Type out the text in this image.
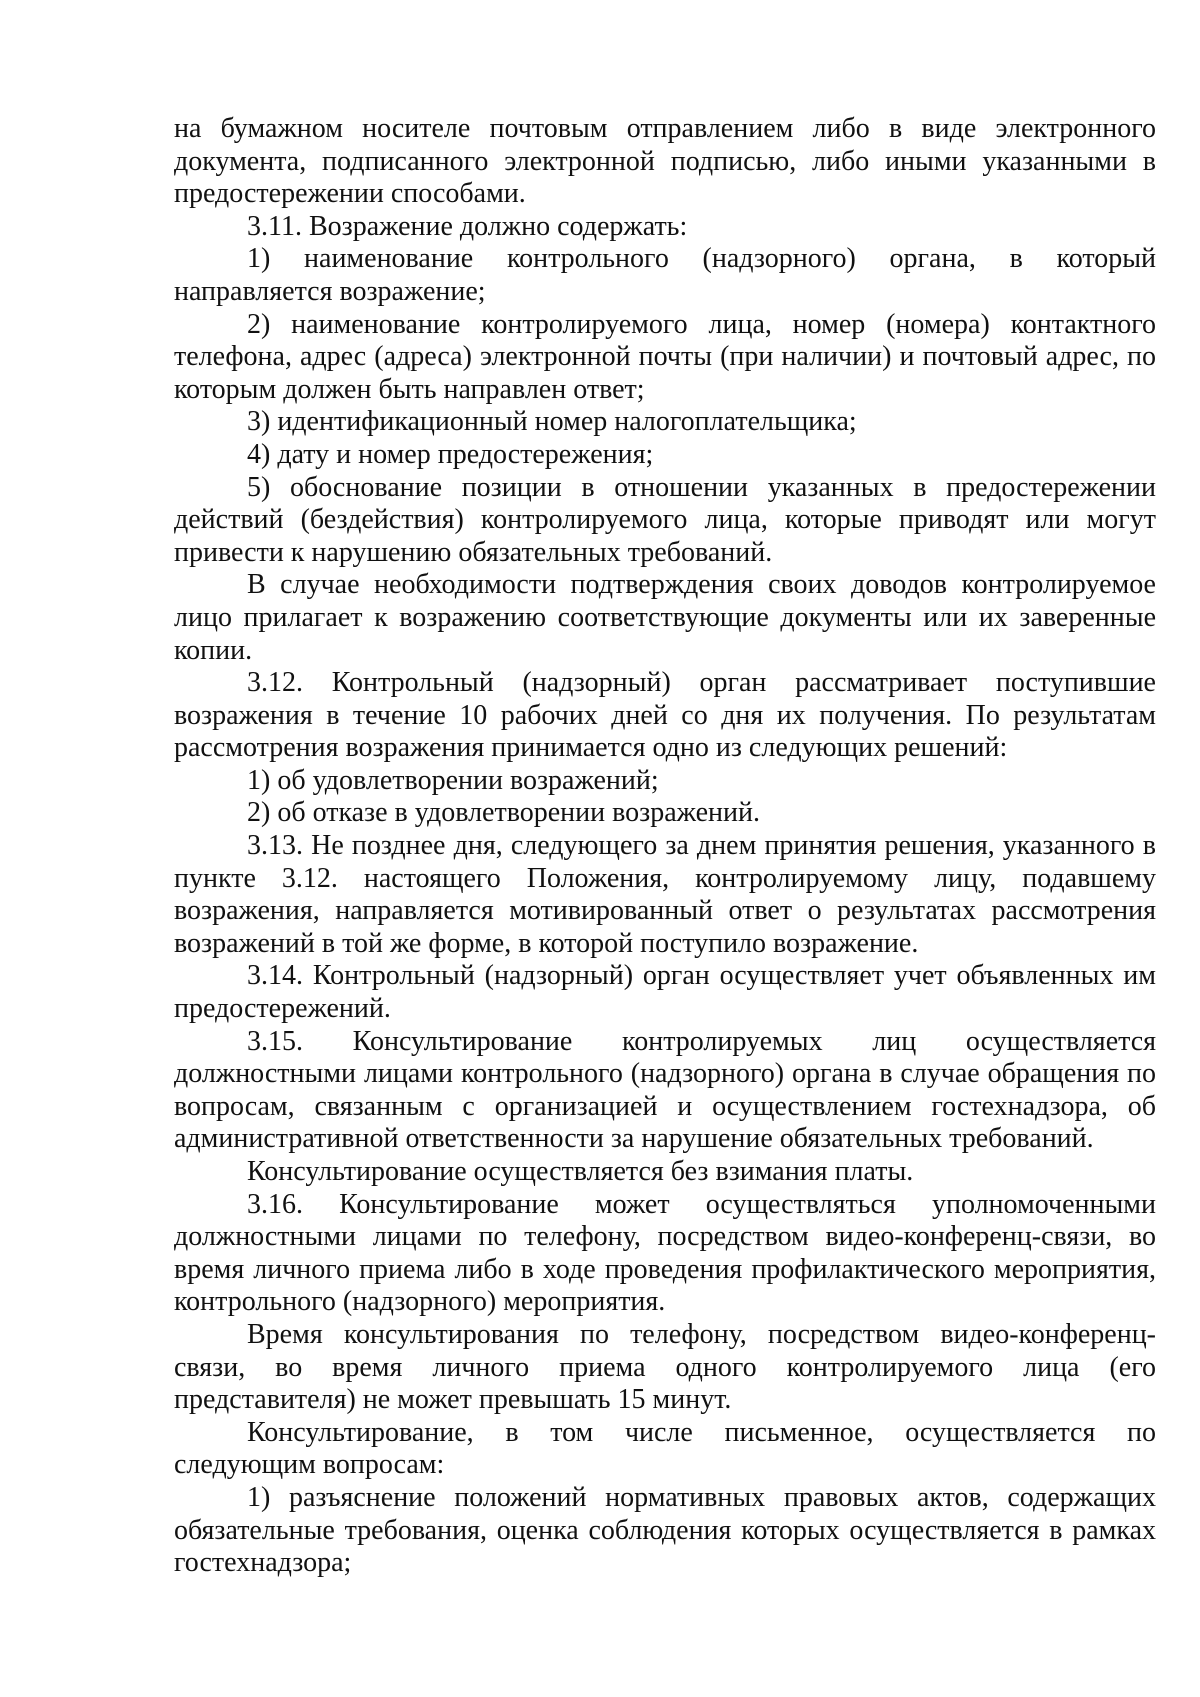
на бумажном носителе почтовым отправлением либо в виде электронного документа, подписанного электронной подписью, либо иными указанными в предостережении способами.

3.11. Возражение должно содержать:

1) наименование контрольного (надзорного) органа, в который направляется возражение;

2) наименование контролируемого лица, номер (номера) контактного телефона, адрес (адреса) электронной почты (при наличии) и почтовый адрес, по которым должен быть направлен ответ;

3) идентификационный номер налогоплательщика;

4) дату и номер предостережения;

5) обоснование позиции в отношении указанных в предостережении действий (бездействия) контролируемого лица, которые приводят или могут привести к нарушению обязательных требований.

В случае необходимости подтверждения своих доводов контролируемое лицо прилагает к возражению соответствующие документы или их заверенные копии.

3.12. Контрольный (надзорный) орган рассматривает поступившие возражения в течение 10 рабочих дней со дня их получения. По результатам рассмотрения возражения принимается одно из следующих решений:

1) об удовлетворении возражений;

2) об отказе в удовлетворении возражений.

3.13. Не позднее дня, следующего за днем принятия решения, указанного в пункте 3.12. настоящего Положения, контролируемому лицу, подавшему возражения, направляется мотивированный ответ о результатах рассмотрения возражений в той же форме, в которой поступило возражение.

3.14. Контрольный (надзорный) орган осуществляет учет объявленных им предостережений.

3.15. Консультирование контролируемых лиц осуществляется должностными лицами контрольного (надзорного) органа в случае обращения по вопросам, связанным с организацией и осуществлением гостехнадзора, об административной ответственности за нарушение обязательных требований.

Консультирование осуществляется без взимания платы.

3.16. Консультирование может осуществляться уполномоченными должностными лицами по телефону, посредством видео-конференц-связи, во время личного приема либо в ходе проведения профилактического мероприятия, контрольного (надзорного) мероприятия.

Время консультирования по телефону, посредством видео-конференц-связи, во время личного приема одного контролируемого лица (его представителя) не может превышать 15 минут.

Консультирование, в том числе письменное, осуществляется по следующим вопросам:

1) разъяснение положений нормативных правовых актов, содержащих обязательные требования, оценка соблюдения которых осуществляется в рамках гостехнадзора;
